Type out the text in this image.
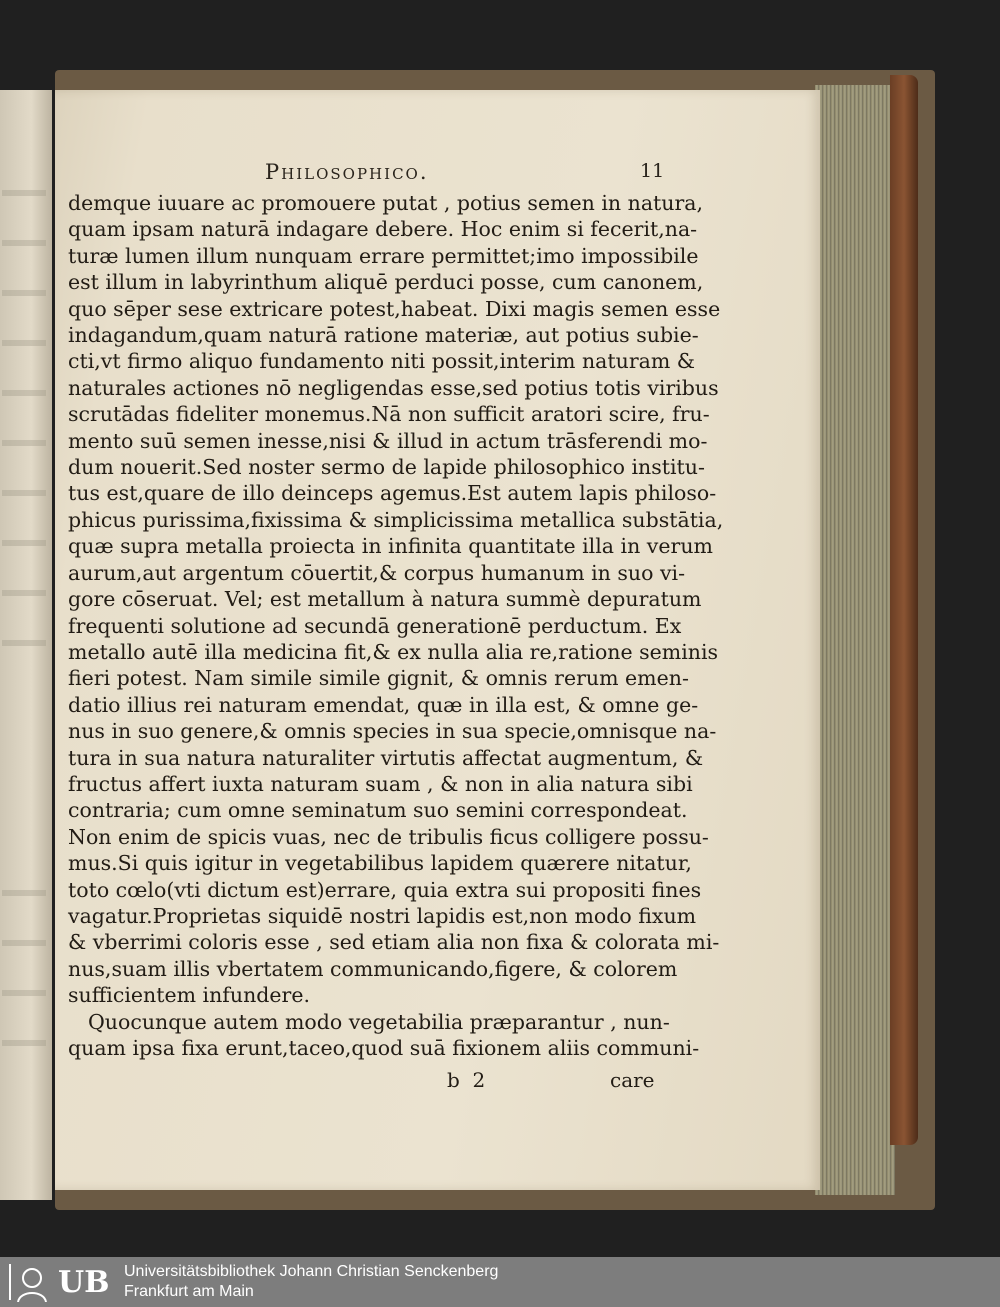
Philosophico.	11
demque iuuare ac promouere putat , potius semen in natura,
quam ipsam naturā indagare debere. Hoc enim si fecerit,na-
turæ lumen illum nunquam errare permittet;imo impossibile
est illum in labyrinthum aliquē perduci posse, cum canonem,
quo sēper sese extricare potest,habeat. Dixi magis semen esse
indagandum,quam naturā ratione materiæ, aut potius subie-
cti,vt firmo aliquo fundamento niti possit,interim naturam &
naturales actiones nō negligendas esse,sed potius totis viribus
scrutādas fideliter monemus.Nā non sufficit aratori scire, fru-
mento suū semen inesse,nisi & illud in actum trāsferendi mo-
dum nouerit.Sed noster sermo de lapide philosophico institu-
tus est,quare de illo deinceps agemus.Est autem lapis philoso-
phicus purissima,fixissima & simplicissima metallica substātia,
quæ supra metalla proiecta in infinita quantitate illa in verum
aurum,aut argentum cōuertit,& corpus humanum in suo vi-
gore cōseruat. Vel; est metallum à natura summè depuratum
frequenti solutione ad secundā generationē perductum. Ex
metallo autē illa medicina fit,& ex nulla alia re,ratione seminis
fieri potest. Nam simile simile gignit, & omnis rerum emen-
datio illius rei naturam emendat, quæ in illa est, & omne ge-
nus in suo genere,& omnis species in sua specie,omnisque na-
tura in sua natura naturaliter virtutis affectat augmentum, &
fructus affert iuxta naturam suam , & non in alia natura sibi
contraria; cum omne seminatum suo semini correspondeat.
Non enim de spicis vuas, nec de tribulis ficus colligere possu-
mus.Si quis igitur in vegetabilibus lapidem quærere nitatur,
toto cœlo(vti dictum est)errare, quia extra sui propositi fines
vagatur.Proprietas siquidē nostri lapidis est,non modo fixum
& vberrimi coloris esse , sed etiam alia non fixa & colorata mi-
nus,suam illis vbertatem communicando,figere, & colorem
sufficientem infundere.
Quocunque autem modo vegetabilia præparantur , nun-
quam ipsa fixa erunt,taceo,quod suā fixionem aliis communi-
b  2	care
UB Universitätsbibliothek Johann Christian Senckenberg
Frankfurt am Main
